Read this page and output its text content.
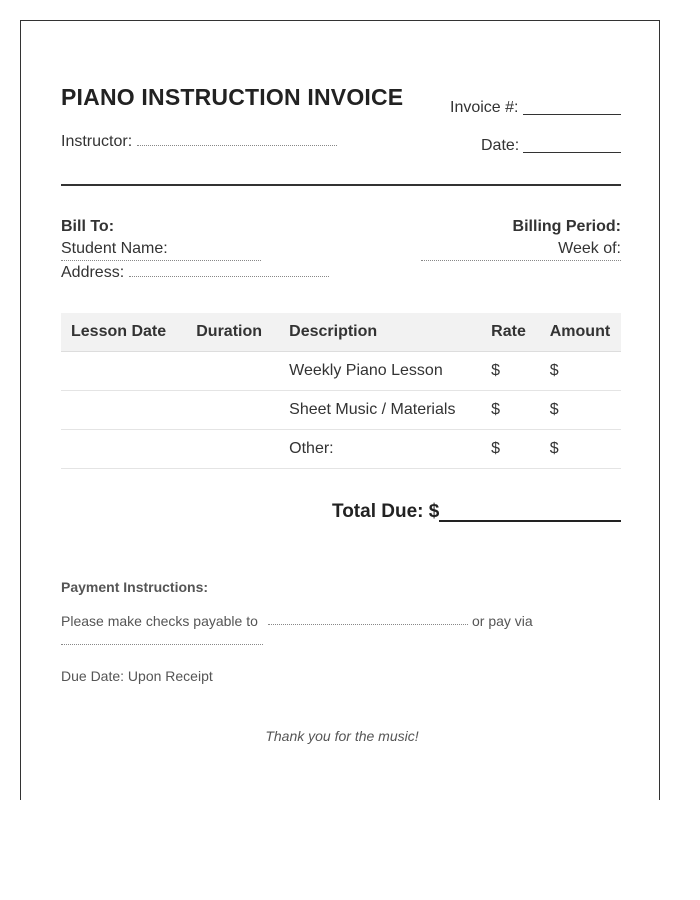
PIANO INSTRUCTION INVOICE	Invoice #:
Instructor:	Date:
Bill To:
Student Name:
Address:
Billing Period:
Week of:
Lesson Date	Duration	Description	Rate	Amount
		Weekly Piano Lesson	$	$
		Sheet Music / Materials	$	$
		Other:	$	$
Total Due: $
Payment Instructions:
Please make checks payable to	or pay via
Due Date: Upon Receipt
Thank you for the music!
